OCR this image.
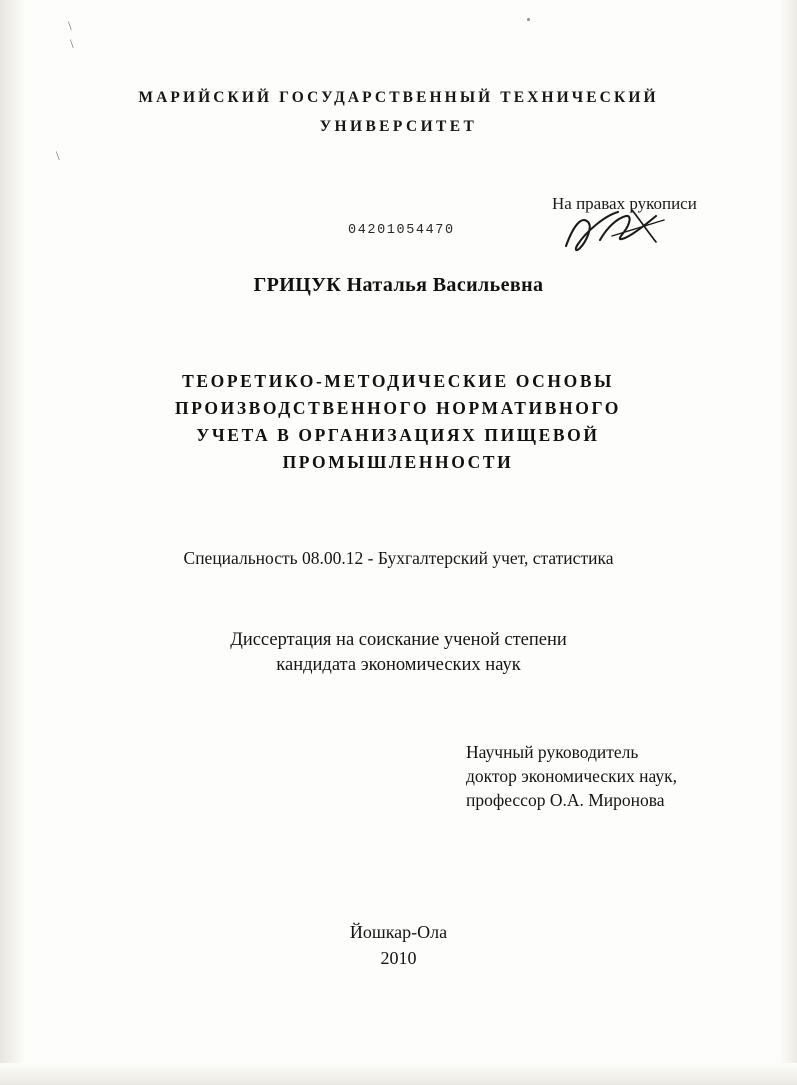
\
\
\
МАРИЙСКИЙ ГОСУДАРСТВЕННЫЙ ТЕХНИЧЕСКИЙ
УНИВЕРСИТЕТ
На правах рукописи
04201054470
ГРИЦУК Наталья Васильевна
ТЕОРЕТИКО-МЕТОДИЧЕСКИЕ ОСНОВЫ
ПРОИЗВОДСТВЕННОГО НОРМАТИВНОГО
УЧЕТА В ОРГАНИЗАЦИЯХ ПИЩЕВОЙ
ПРОМЫШЛЕННОСТИ
Специальность 08.00.12 - Бухгалтерский учет, статистика
Диссертация на соискание ученой степени
кандидата экономических наук
Научный руководитель
доктор экономических наук,
профессор О.А. Миронова
Йошкар-Ола
2010
